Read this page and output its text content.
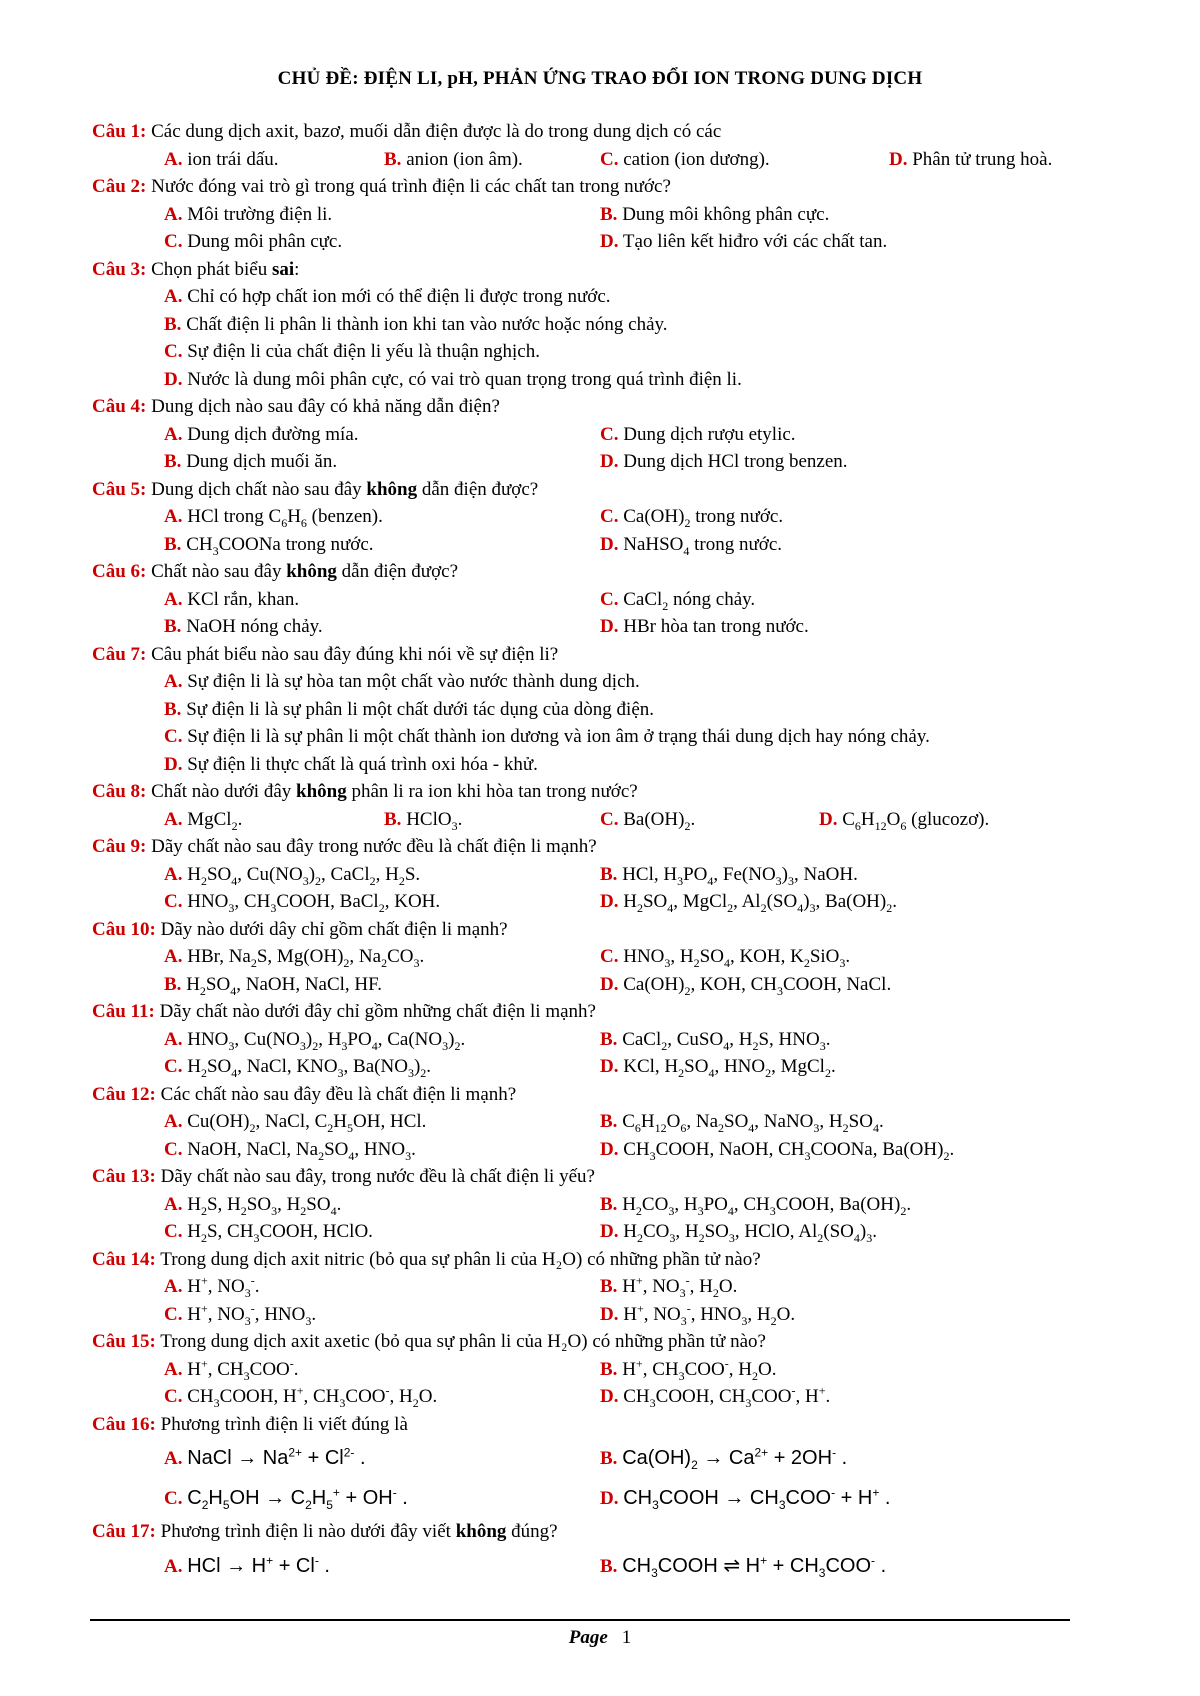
CHỦ ĐỀ: ĐIỆN LI, pH, PHẢN ỨNG TRAO ĐỔI ION TRONG DUNG DỊCH
Câu 1: Các dung dịch axit, bazơ, muối dẫn điện được là do trong dung dịch có các
A. ion trái dấu.	B. anion (ion âm).	C. cation (ion dương).	D. Phân tử trung hoà.
Câu 2: Nước đóng vai trò gì trong quá trình điện li các chất tan trong nước?
A. Môi trường điện li.	B. Dung môi không phân cực.
C. Dung môi phân cực.	D. Tạo liên kết hiđro với các chất tan.
Câu 3: Chọn phát biểu sai:
A. Chỉ có hợp chất ion mới có thể điện li được trong nước.
B. Chất điện li phân li thành ion khi tan vào nước hoặc nóng chảy.
C. Sự điện li của chất điện li yếu là thuận nghịch.
D. Nước là dung môi phân cực, có vai trò quan trọng trong quá trình điện li.
Câu 4: Dung dịch nào sau đây có khả năng dẫn điện?
A. Dung dịch đường mía.	C. Dung dịch rượu etylic.
B. Dung dịch muối ăn.	D. Dung dịch HCl trong benzen.
Câu 5: Dung dịch chất nào sau đây không dẫn điện được?
A. HCl trong $C_6H_6$ (benzen).	C. $Ca(OH)_2$ trong nước.
B. $CH_3COONa$ trong nước.	D. NaHSO$_4$ trong nước.
Câu 6: Chất nào sau đây không dẫn điện được?
A. KCl rắn, khan.	C. CaCl$_2$ nóng chảy.
B. NaOH nóng chảy.	D. HBr hòa tan trong nước.
Câu 7: Câu phát biểu nào sau đây đúng khi nói về sự điện li?
A. Sự điện li là sự hòa tan một chất vào nước thành dung dịch.
B. Sự điện li là sự phân li một chất dưới tác dụng của dòng điện.
C. Sự điện li là sự phân li một chất thành ion dương và ion âm ở trạng thái dung dịch hay nóng chảy.
D. Sự điện li thực chất là quá trình oxi hóa - khử.
Câu 8: Chất nào dưới đây không phân li ra ion khi hòa tan trong nước?
A. MgCl$_2$.	B. HClO$_3$.	C. $Ba(OH)_2$.	D. $C_6H_{12}O_6$ (glucozơ).
Câu 9: Dãy chất nào sau đây trong nước đều là chất điện li mạnh?
A. $H_2SO_4$, $Cu(NO_3)_2$, CaCl$_2$, $H_2S$.	B. HCl, $H_3PO_4$, $Fe(NO_3)_3$, NaOH.
C. $HNO_3$, $CH_3COOH$, BaCl$_2$, KOH.	D. $H_2SO_4$, MgCl$_2$, $Al_2(SO_4)_3$, $Ba(OH)_2$.
Câu 10: Dãy nào dưới dây chỉ gồm chất điện li mạnh?
A. HBr, $Na_2S$, $Mg(OH)_2$, $Na_2CO_3$.	C. $HNO_3$, $H_2SO_4$, KOH, $K_2SiO_3$.
B. $H_2SO_4$, NaOH, NaCl, HF.	D. $Ca(OH)_2$, KOH, $CH_3COOH$, NaCl.
Câu 11: Dãy chất nào dưới đây chỉ gồm những chất điện li mạnh?
A. $HNO_3$, $Cu(NO_3)_2$, $H_3PO_4$, $Ca(NO_3)_2$.	B. CaCl$_2$, CuSO$_4$, $H_2S$, $HNO_3$.
C. $H_2SO_4$, NaCl, $KNO_3$, $Ba(NO_3)_2$.	D. KCl, $H_2SO_4$, $HNO_2$, MgCl$_2$.
Câu 12: Các chất nào sau đây đều là chất điện li mạnh?
A. $Cu(OH)_2$, NaCl, $C_2H_5OH$, HCl.	B. $C_6H_{12}O_6$, $Na_2SO_4$, NaNO$_3$, $H_2SO_4$.
C. NaOH, NaCl, $Na_2SO_4$, $HNO_3$.	D. $CH_3COOH$, NaOH, $CH_3COONa$, $Ba(OH)_2$.
Câu 13: Dãy chất nào sau đây, trong nước đều là chất điện li yếu?
A. $H_2S$, $H_2SO_3$, $H_2SO_4$.	B. $H_2CO_3$, $H_3PO_4$, $CH_3COOH$, $Ba(OH)_2$.
C. $H_2S$, $CH_3COOH$, HClO.	D. $H_2CO_3$, $H_2SO_3$, HClO, $Al_2(SO_4)_3$.
Câu 14: Trong dung dịch axit nitric (bỏ qua sự phân li của H₂O) có những phần tử nào?
A. H+, $NO_3^-$.	B. H+, $NO_3^-$, $H_2O$.
C. H+, $NO_3^-$, $HNO_3$.	D. H+, $NO_3^-$, $HNO_3$, $H_2O$.
Câu 15: Trong dung dịch axit axetic (bỏ qua sự phân li của H₂O) có những phần tử nào?
A. H+, $CH_3COO^-$.	B. H+, $CH_3COO^-$, $H_2O$.
C. $CH_3COOH$, H+, $CH_3COO^-$, $H_2O$.	D. $CH_3COOH$, $CH_3COO^-$, H+.
Câu 16: Phương trình điện li viết đúng là
A. NaCl → $Na^{2+} + Cl^{2-}$ .	B. $Ca(OH)_2 \to Ca^{2+} + 2OH^-$ .
C. $C_2H_5OH \to C_2H_5^+ + OH^-$ .	D. $CH_3COOH \to CH_3COO^- + H^+$ .
Câu 17: Phương trình điện li nào dưới đây viết không đúng?
A. HCl → H+ + Cl- .	B. $CH_3COOH$ ⇌ $H^+ + CH_3COO^-$ .
Page 1
